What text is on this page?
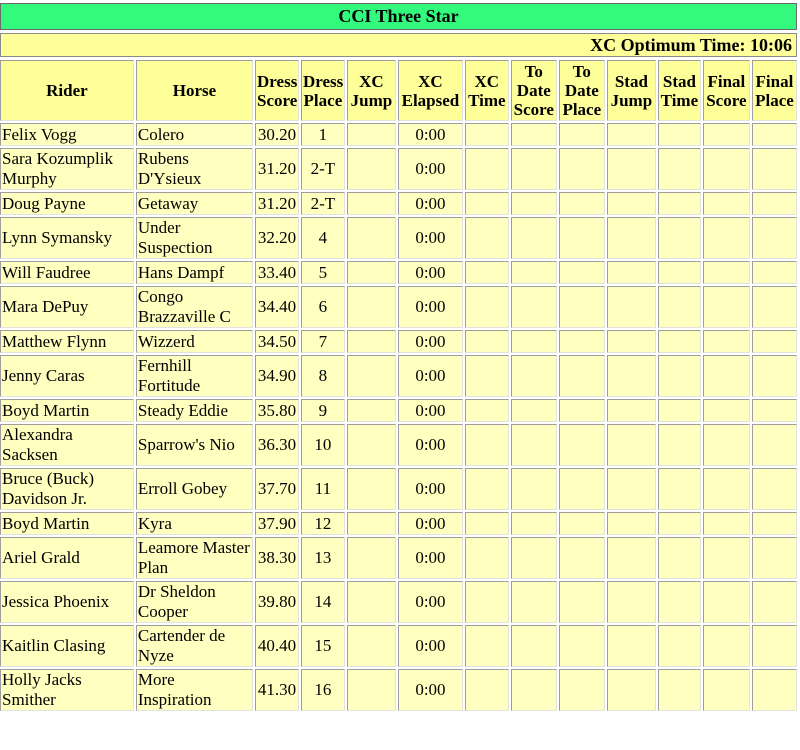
CCI Three Star
XC Optimum Time: 10:06
Rider	Horse	Dress Score	Dress Place	XC Jump	XC Elapsed	XC Time	To Date Score	To Date Place	Stad Jump	Stad Time	Final Score	Final Place
Felix Vogg	Colero	30.20	1		0:00							
Sara Kozumplik Murphy	Rubens D'Ysieux	31.20	2-T		0:00							
Doug Payne	Getaway	31.20	2-T		0:00							
Lynn Symansky	Under Suspection	32.20	4		0:00							
Will Faudree	Hans Dampf	33.40	5		0:00							
Mara DePuy	Congo Brazzaville C	34.40	6		0:00							
Matthew Flynn	Wizzerd	34.50	7		0:00							
Jenny Caras	Fernhill Fortitude	34.90	8		0:00							
Boyd Martin	Steady Eddie	35.80	9		0:00							
Alexandra Sacksen	Sparrow's Nio	36.30	10		0:00							
Bruce (Buck) Davidson Jr.	Erroll Gobey	37.70	11		0:00							
Boyd Martin	Kyra	37.90	12		0:00							
Ariel Grald	Leamore Master Plan	38.30	13		0:00							
Jessica Phoenix	Dr Sheldon Cooper	39.80	14		0:00							
Kaitlin Clasing	Cartender de Nyze	40.40	15		0:00							
Holly Jacks Smither	More Inspiration	41.30	16		0:00							
